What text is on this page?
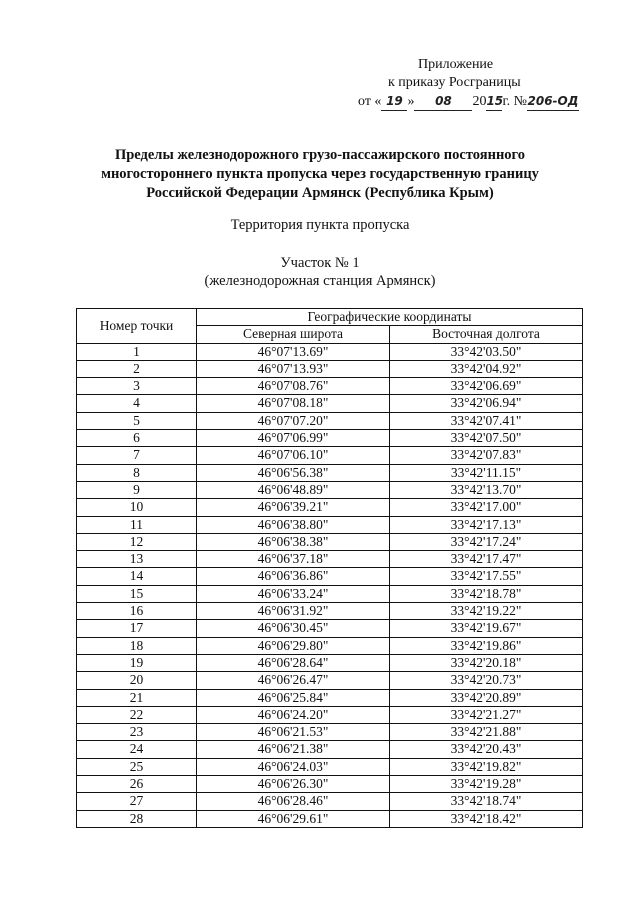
Приложение
к приказу Росграницы
от « 19 » 08 2015г. №206-ОД
Пределы железнодорожного грузо-пассажирского постоянного
многостороннего пункта пропуска через государственную границу
Российской Федерации Армянск (Республика Крым)
Территория пункта пропуска
Участок № 1
(железнодорожная станция Армянск)
Номер точки	Географические координаты	
	Северная широта	Восточная долгота
1	46°07'13.69"	33°42'03.50"
2	46°07'13.93"	33°42'04.92"
3	46°07'08.76"	33°42'06.69"
4	46°07'08.18"	33°42'06.94"
5	46°07'07.20"	33°42'07.41"
6	46°07'06.99"	33°42'07.50"
7	46°07'06.10"	33°42'07.83"
8	46°06'56.38"	33°42'11.15"
9	46°06'48.89"	33°42'13.70"
10	46°06'39.21"	33°42'17.00"
11	46°06'38.80"	33°42'17.13"
12	46°06'38.38"	33°42'17.24"
13	46°06'37.18"	33°42'17.47"
14	46°06'36.86"	33°42'17.55"
15	46°06'33.24"	33°42'18.78"
16	46°06'31.92"	33°42'19.22"
17	46°06'30.45"	33°42'19.67"
18	46°06'29.80"	33°42'19.86"
19	46°06'28.64"	33°42'20.18"
20	46°06'26.47"	33°42'20.73"
21	46°06'25.84"	33°42'20.89"
22	46°06'24.20"	33°42'21.27"
23	46°06'21.53"	33°42'21.88"
24	46°06'21.38"	33°42'20.43"
25	46°06'24.03"	33°42'19.82"
26	46°06'26.30"	33°42'19.28"
27	46°06'28.46"	33°42'18.74"
28	46°06'29.61"	33°42'18.42"
